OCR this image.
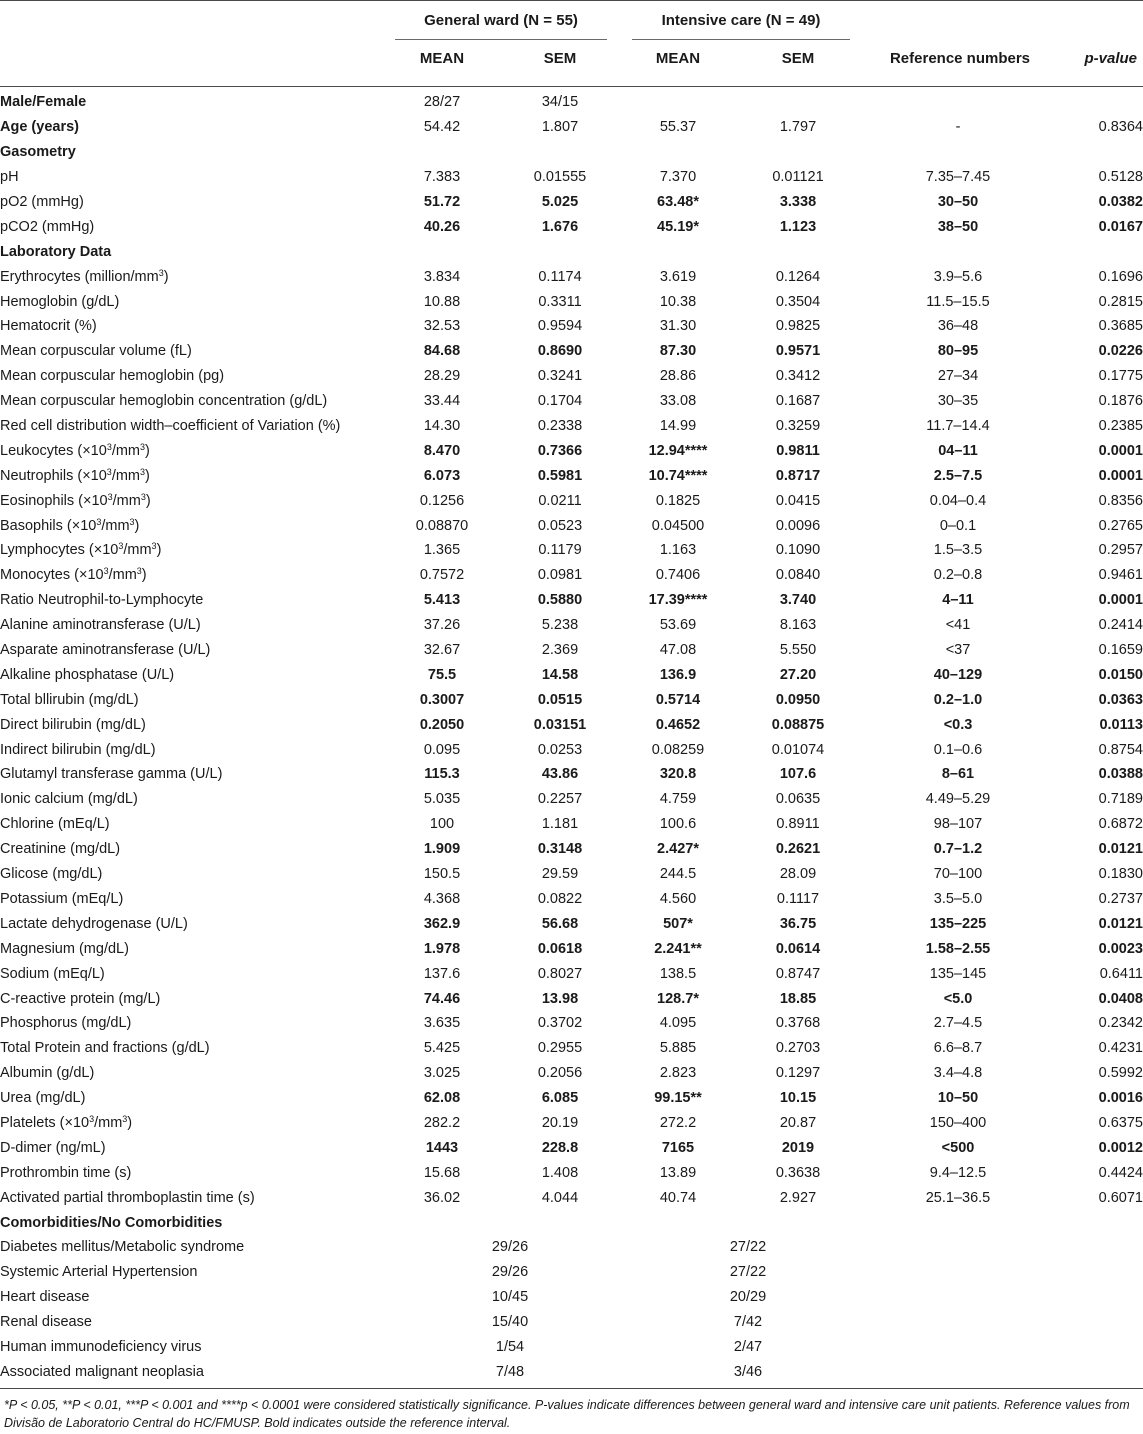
General ward (N = 55)	Intensive care (N = 49)
MEAN	SEM	MEAN	SEM	Reference numbers	p-value
Male/Female	28/27	34/15				
Age (years)	54.42	1.807	55.37	1.797	-	0.8364
Gasometry						
pH	7.383	0.01555	7.370	0.01121	7.35–7.45	0.5128
pO2 (mmHg)	51.72	5.025	63.48*	3.338	30–50	0.0382
pCO2 (mmHg)	40.26	1.676	45.19*	1.123	38–50	0.0167
Laboratory Data						
Erythrocytes $(million/mm^3)$	3.834	0.1174	3.619	0.1264	3.9–5.6	0.1696
Hemoglobin (g/dL)	10.88	0.3311	10.38	0.3504	11.5–15.5	0.2815
Hematocrit (%)	32.53	0.9594	31.30	0.9825	36–48	0.3685
Mean corpuscular volume (fL)	84.68	0.8690	87.30	0.9571	80–95	0.0226
Mean corpuscular hemoglobin (pg)	28.29	0.3241	28.86	0.3412	27–34	0.1775
Mean corpuscular hemoglobin concentration (g/dL)	33.44	0.1704	33.08	0.1687	30–35	0.1876
Red cell distribution width–coefficient of Variation (%)	14.30	0.2338	14.99	0.3259	11.7–14.4	0.2385
Leukocytes $(\times 10^3/mm^3)$	8.470	0.7366	12.94****	0.9811	04–11	0.0001
Neutrophils $(\times 10^3/mm^3)$	6.073	0.5981	10.74****	0.8717	2.5–7.5	0.0001
Eosinophils $(\times 10^3/mm^3)$	0.1256	0.0211	0.1825	0.0415	0.04–0.4	0.8356
Basophils $(\times 10^3/mm^3)$	0.08870	0.0523	0.04500	0.0096	0–0.1	0.2765
Lymphocytes $(\times 10^3/mm^3)$	1.365	0.1179	1.163	0.1090	1.5–3.5	0.2957
Monocytes $(\times 10^3/mm^3)$	0.7572	0.0981	0.7406	0.0840	0.2–0.8	0.9461
Ratio Neutrophil-to-Lymphocyte	5.413	0.5880	17.39****	3.740	4–11	0.0001
Alanine aminotransferase (U/L)	37.26	5.238	53.69	8.163	<41	0.2414
Asparate aminotransferase (U/L)	32.67	2.369	47.08	5.550	<37	0.1659
Alkaline phosphatase (U/L)	75.5	14.58	136.9	27.20	40–129	0.0150
Total bllirubin (mg/dL)	0.3007	0.0515	0.5714	0.0950	0.2–1.0	0.0363
Direct bilirubin (mg/dL)	0.2050	0.03151	0.4652	0.08875	<0.3	0.0113
Indirect bilirubin (mg/dL)	0.095	0.0253	0.08259	0.01074	0.1–0.6	0.8754
Glutamyl transferase gamma (U/L)	115.3	43.86	320.8	107.6	8–61	0.0388
Ionic calcium (mg/dL)	5.035	0.2257	4.759	0.0635	4.49–5.29	0.7189
Chlorine (mEq/L)	100	1.181	100.6	0.8911	98–107	0.6872
Creatinine (mg/dL)	1.909	0.3148	2.427*	0.2621	0.7–1.2	0.0121
Glicose (mg/dL)	150.5	29.59	244.5	28.09	70–100	0.1830
Potassium (mEq/L)	4.368	0.0822	4.560	0.1117	3.5–5.0	0.2737
Lactate dehydrogenase (U/L)	362.9	56.68	507*	36.75	135–225	0.0121
Magnesium (mg/dL)	1.978	0.0618	2.241**	0.0614	1.58–2.55	0.0023
Sodium (mEq/L)	137.6	0.8027	138.5	0.8747	135–145	0.6411
C-reactive protein (mg/L)	74.46	13.98	128.7*	18.85	<5.0	0.0408
Phosphorus (mg/dL)	3.635	0.3702	4.095	0.3768	2.7–4.5	0.2342
Total Protein and fractions (g/dL)	5.425	0.2955	5.885	0.2703	6.6–8.7	0.4231
Albumin (g/dL)	3.025	0.2056	2.823	0.1297	3.4–4.8	0.5992
Urea (mg/dL)	62.08	6.085	99.15**	10.15	10–50	0.0016
Platelets $(\times 10^3/mm^3)$	282.2	20.19	272.2	20.87	150–400	0.6375
D-dimer (ng/mL)	1443	228.8	7165	2019	<500	0.0012
Prothrombin time (s)	15.68	1.408	13.89	0.3638	9.4–12.5	0.4424
Activated partial thromboplastin time (s)	36.02	4.044	40.74	2.927	25.1–36.5	0.6071
Comorbidities/No Comorbidities						
Diabetes mellitus/Metabolic syndrome	29/26		27/22			
Systemic Arterial Hypertension	29/26		27/22			
Heart disease	10/45		20/29			
Renal disease	15/40		7/42			
Human immunodeficiency virus	1/54		2/47			
Associated malignant neoplasia	7/48		3/46			
*P < 0.05, **P < 0.01, ***P < 0.001 and ****p < 0.0001 were considered statistically significance. P-values indicate differences between general ward and intensive care unit patients. Reference values from Divisão de Laboratorio Central do HC/FMUSP. Bold indicates outside the reference interval.
